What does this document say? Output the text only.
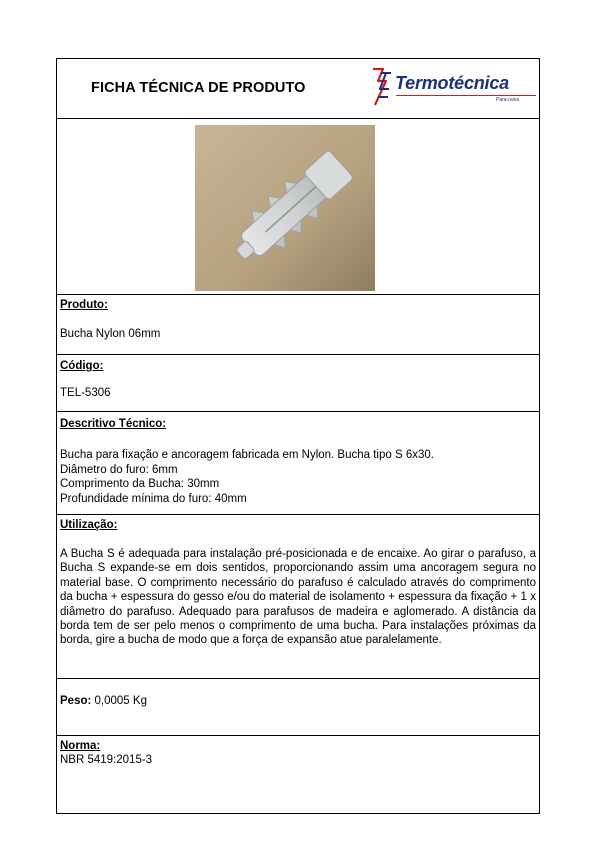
FICHA TÉCNICA DE PRODUTO	Termotécnica
Para-raios
Produto:
Bucha Nylon 06mm
Código:
TEL-5306
Descritivo Técnico:
Bucha para fixação e ancoragem fabricada em Nylon. Bucha tipo S 6x30.
Diâmetro do furo: 6mm
Comprimento da Bucha: 30mm
Profundidade mínima do furo: 40mm
Utilização:
A Bucha S é adequada para instalação pré-posicionada e de encaixe. Ao girar o parafuso, a Bucha S expande-se em dois sentidos, proporcionando assim uma ancoragem segura no material base. O comprimento necessário do parafuso é calculado através do comprimento da bucha + espessura do gesso e/ou do material de isolamento + espessura da fixação + 1 x diâmetro do parafuso. Adequado para parafusos de madeira e aglomerado. A distância da borda tem de ser pelo menos o comprimento de uma bucha. Para instalações próximas da borda, gire a bucha de modo que a força de expansão atue paralelamente.
Peso: 0,0005 Kg
Norma:
NBR 5419:2015-3
